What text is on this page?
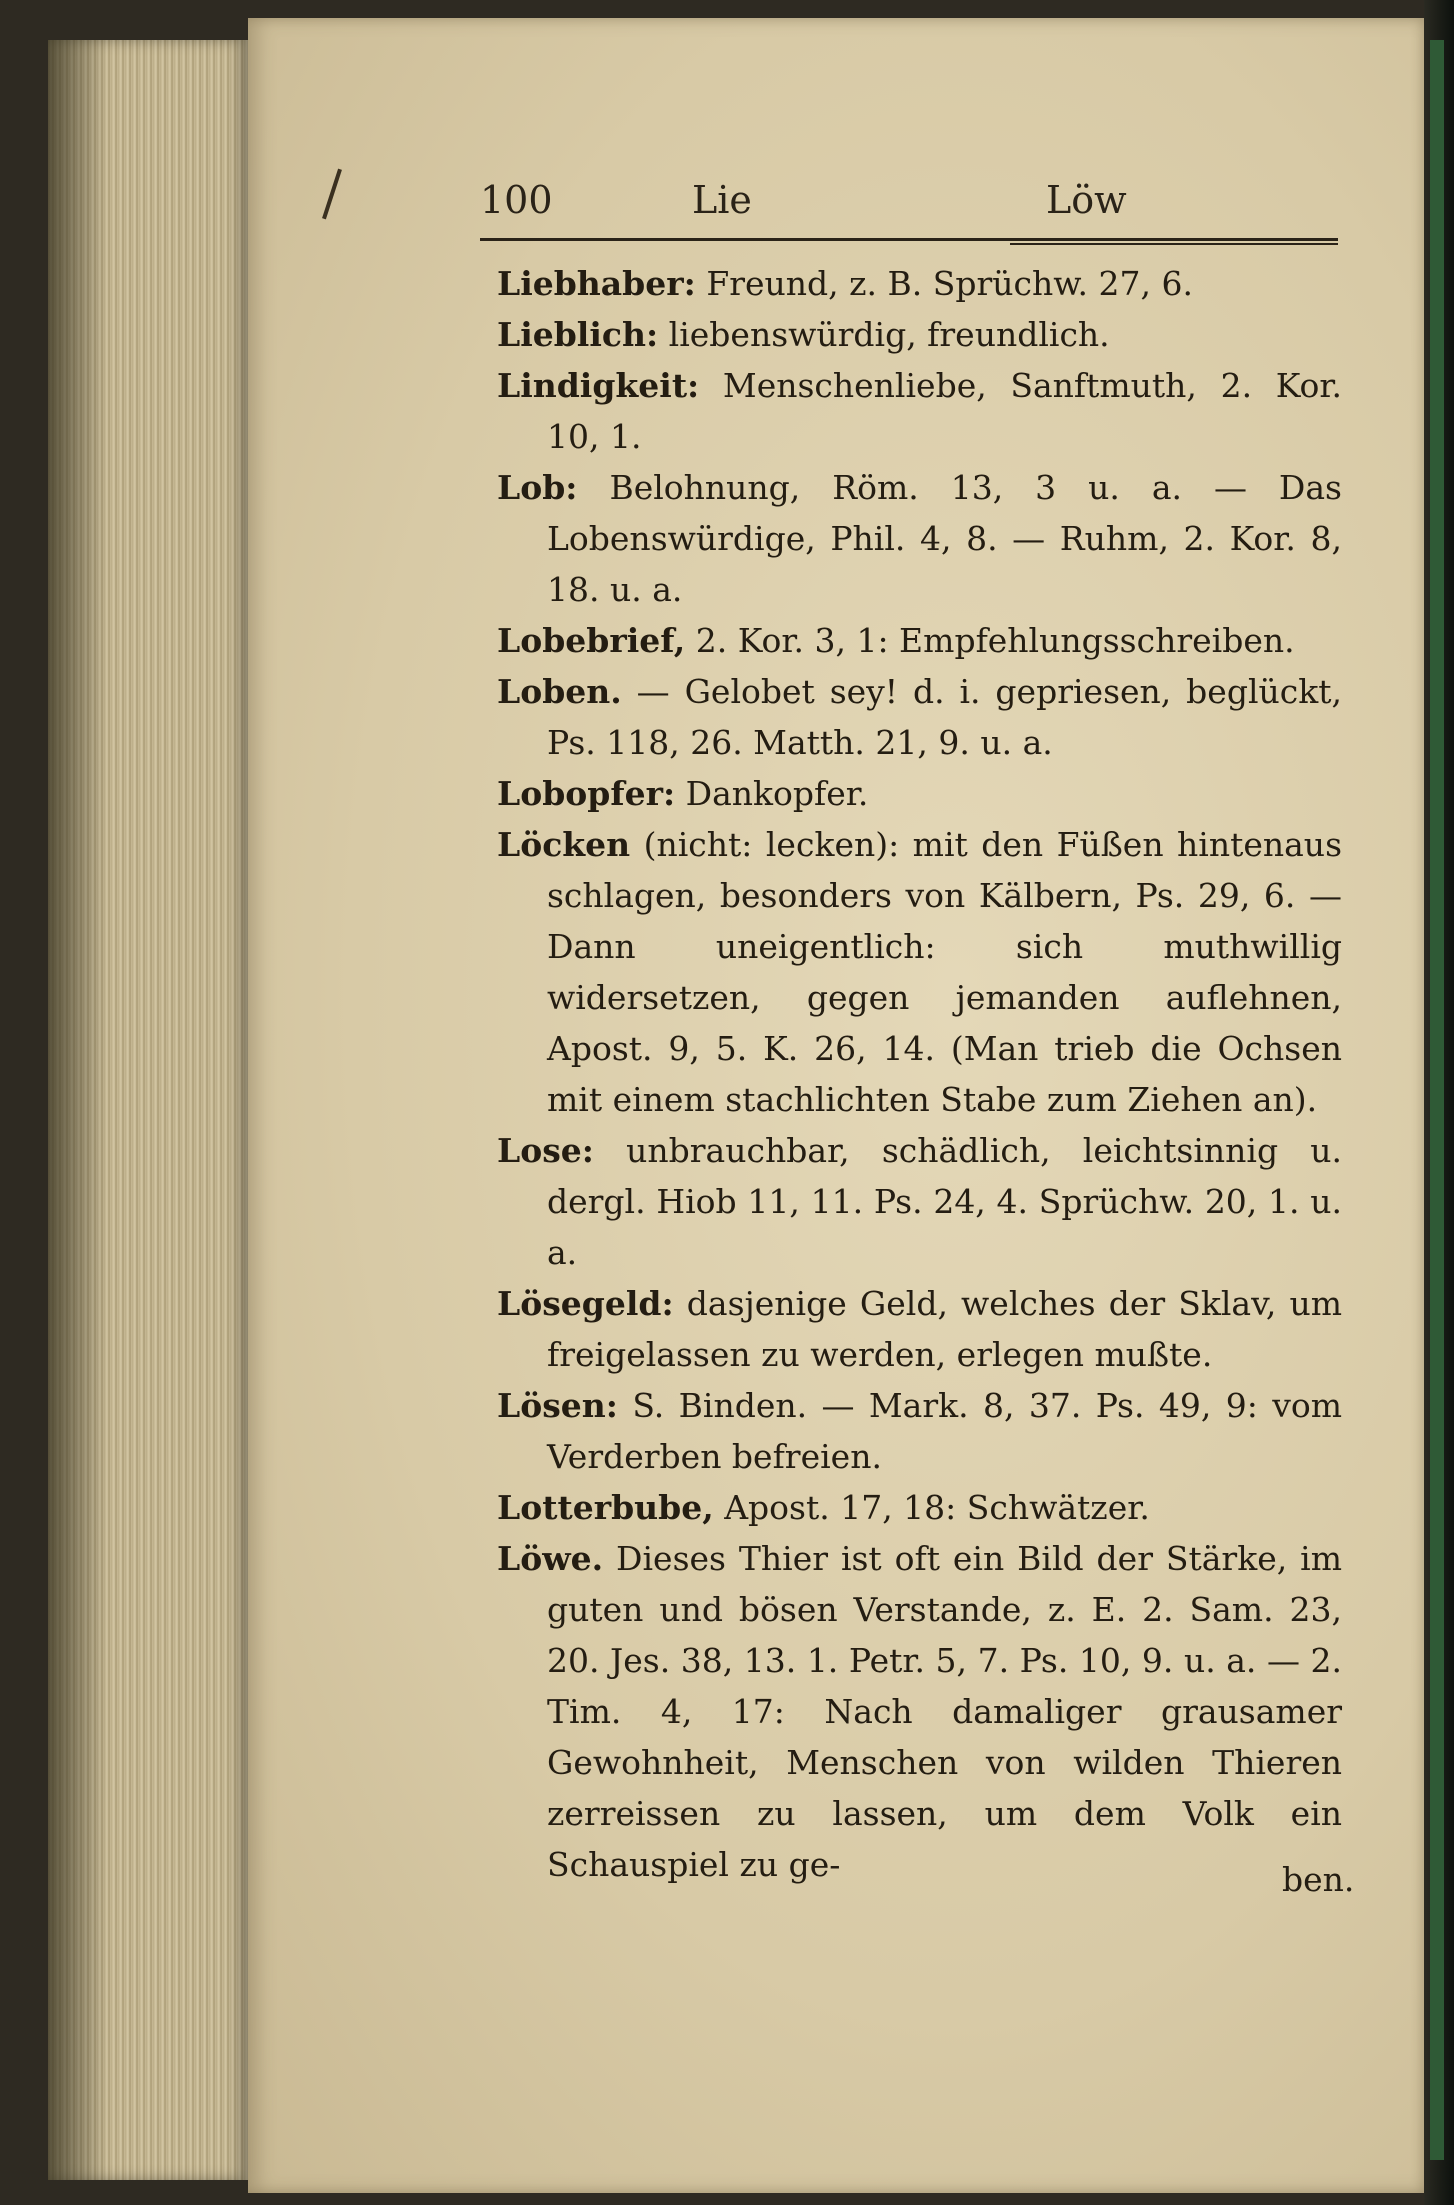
100	Lie	Löw

Liebhaber: Freund, z. B. Sprüchw. 27, 6.

Lieblich: liebenswürdig, freundlich.

Lindigkeit: Menschenliebe, Sanftmuth, 2. Kor. 10, 1.

Lob: Belohnung, Röm. 13, 3 u. a. — Das Lobenswürdige, Phil. 4, 8. — Ruhm, 2. Kor. 8, 18. u. a.

Lobebrief, 2. Kor. 3, 1: Empfehlungsschreiben.

Loben. — Gelobet sey! d. i. gepriesen, beglückt, Ps. 118, 26. Matth. 21, 9. u. a.

Lobopfer: Dankopfer.

Löcken (nicht: lecken): mit den Füßen hintenaus schlagen, besonders von Kälbern, Ps. 29, 6. — Dann uneigentlich: sich muthwillig widersetzen, gegen jemanden auflehnen, Apost. 9, 5. K. 26, 14. (Man trieb die Ochsen mit einem stachlichten Stabe zum Ziehen an).

Lose: unbrauchbar, schädlich, leichtsinnig u. dergl. Hiob 11, 11. Ps. 24, 4. Sprüchw. 20, 1. u. a.

Lösegeld: dasjenige Geld, welches der Sklav, um freigelassen zu werden, erlegen mußte.

Lösen: S. Binden. — Mark. 8, 37. Ps. 49, 9: vom Verderben befreien.

Lotterbube, Apost. 17, 18: Schwätzer.

Löwe. Dieses Thier ist oft ein Bild der Stärke, im guten und bösen Verstande, z. E. 2. Sam. 23, 20. Jes. 38, 13. 1. Petr. 5, 7. Ps. 10, 9. u. a. — 2. Tim. 4, 17: Nach damaliger grausamer Gewohnheit, Menschen von wilden Thieren zerreissen zu lassen, um dem Volk ein Schauspiel zu ge-	ben.
